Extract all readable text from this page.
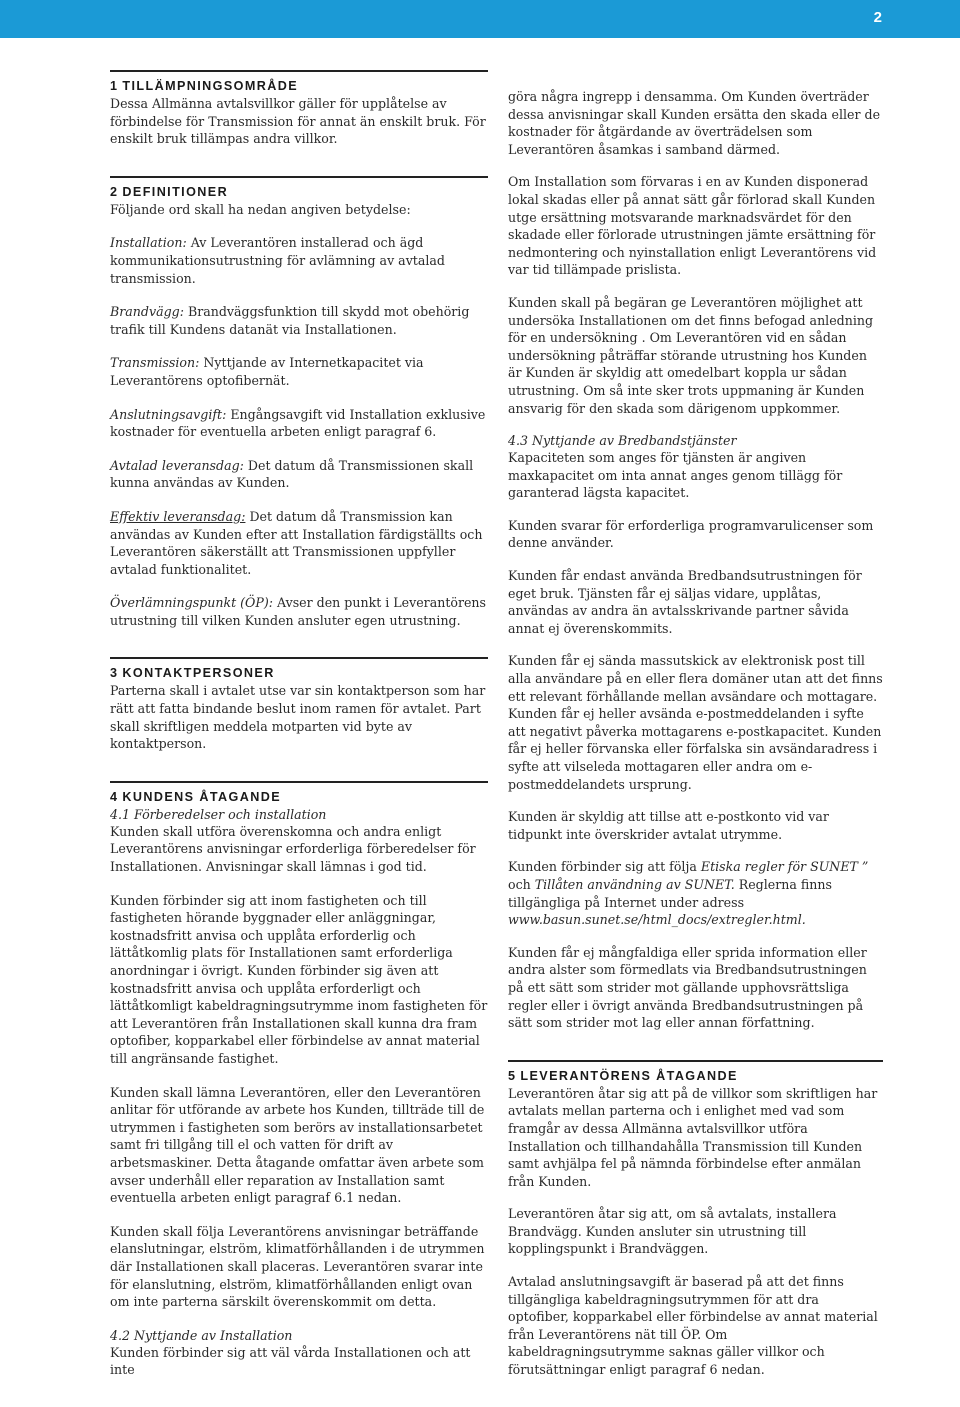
2
1 TILLÄMPNINGSOMRÅDE

Dessa Allmänna avtalsvillkor gäller för upplåtelse av förbindelse för Transmission för annat än enskilt bruk. För enskilt bruk tillämpas andra villkor.

2 DEFINITIONER

Följande ord skall ha nedan angiven betydelse:

Installation: Av Leverantören installerad och ägd kommunikationsutrustning för avlämning av avtalad transmission.

Brandvägg: Brandväggsfunktion till skydd mot obehörig trafik till Kundens datanät via Installationen.

Transmission: Nyttjande av Internetkapacitet via Leverantörens optofibernät.

Anslutningsavgift: Engångsavgift vid Installation exklusive kostnader för eventuella arbeten enligt paragraf 6.

Avtalad leveransdag: Det datum då Transmissionen skall kunna användas av Kunden.

Effektiv leveransdag: Det datum då Transmission kan användas av Kunden efter att Installation färdigställts och Leverantören säkerställt att Transmissionen uppfyller avtalad funktionalitet.

Överlämningspunkt (ÖP): Avser den punkt i Leverantörens utrustning till vilken Kunden ansluter egen utrustning.

3 KONTAKTPERSONER

Parterna skall i avtalet utse var sin kontaktperson som har rätt att fatta bindande beslut inom ramen för avtalet. Part skall skriftligen meddela motparten vid byte av kontaktperson.

4 KUNDENS ÅTAGANDE
4.1 Förberedelser och installation

Kunden skall utföra överenskomna och andra enligt Leverantörens anvisningar erforderliga förberedelser för Installationen. Anvisningar skall lämnas i god tid.

Kunden förbinder sig att inom fastigheten och till fastigheten hörande byggnader eller anläggningar, kostnadsfritt anvisa och upplåta erforderlig och lättåtkomlig plats för Installationen samt erforderliga anordningar i övrigt. Kunden förbinder sig även att kostnadsfritt anvisa och upplåta erforderligt och lättåtkomligt kabeldragningsutrymme inom fastigheten för att Leverantören från Installationen skall kunna dra fram optofiber, kopparkabel eller förbindelse av annat material till angränsande fastighet.

Kunden skall lämna Leverantören, eller den Leverantören anlitar för utförande av arbete hos Kunden, tillträde till de utrymmen i fastigheten som berörs av installationsarbetet samt fri tillgång till el och vatten för drift av arbetsmaskiner. Detta åtagande omfattar även arbete som avser underhåll eller reparation av Installation samt eventuella arbeten enligt paragraf 6.1 nedan.

Kunden skall följa Leverantörens anvisningar beträffande elanslutningar, elström, klimatförhållanden i de utrymmen där Installationen skall placeras. Leverantören svarar inte för elanslutning, elström, klimatförhållanden enligt ovan om inte parterna särskilt överenskommit om detta.

4.2 Nyttjande av Installation

Kunden förbinder sig att väl vårda Installationen och att inte

göra några ingrepp i densamma. Om Kunden överträder dessa anvisningar skall Kunden ersätta den skada eller de kostnader för åtgärdande av överträdelsen som Leverantören åsamkas i samband därmed.

Om Installation som förvaras i en av Kunden disponerad lokal skadas eller på annat sätt går förlorad skall Kunden utge ersättning motsvarande marknadsvärdet för den skadade eller förlorade utrustningen jämte ersättning för nedmontering och nyinstallation enligt Leverantörens vid var tid tillämpade prislista.

Kunden skall på begäran ge Leverantören möjlighet att undersöka Installationen om det finns befogad anledning för en undersökning . Om Leverantören vid en sådan undersökning påträffar störande utrustning hos Kunden är Kunden är skyldig att omedelbart koppla ur sådan utrustning. Om så inte sker trots uppmaning är Kunden ansvarig för den skada som därigenom uppkommer.

4.3 Nyttjande av Bredbandstjänster

Kapaciteten som anges för tjänsten är angiven maxkapacitet om inta annat anges genom tillägg för garanterad lägsta kapacitet.

Kunden svarar för erforderliga programvarulicenser som denne använder.

Kunden får endast använda Bredbandsutrustningen för eget bruk. Tjänsten får ej säljas vidare, upplåtas, användas av andra än avtalsskrivande partner såvida annat ej överenskommits.

Kunden får ej sända massutskick av elektronisk post till alla användare på en eller flera domäner utan att det finns ett relevant förhållande mellan avsändare och mottagare. Kunden får ej heller avsända e-postmeddelanden i syfte att negativt påverka mottagarens e-postkapacitet. Kunden får ej heller förvanska eller förfalska sin avsändaradress i syfte att vilseleda mottagaren eller andra om e-postmeddelandets ursprung.

Kunden är skyldig att tillse att e-postkonto vid var tidpunkt inte överskrider avtalat utrymme.

Kunden förbinder sig att följa Etiska regler för SUNET ” och Tillåten användning av SUNET. Reglerna finns tillgängliga på Internet under adress www.basun.sunet.se/html_docs/extregler.html.

Kunden får ej mångfaldiga eller sprida information eller andra alster som förmedlats via Bredbandsutrustningen på ett sätt som strider mot gällande upphovsrättsliga regler eller i övrigt använda Bredbandsutrustningen på sätt som strider mot lag eller annan författning.

5 LEVERANTÖRENS ÅTAGANDE

Leverantören åtar sig att på de villkor som skriftligen har avtalats mellan parterna och i enlighet med vad som framgår av dessa Allmänna avtalsvillkor utföra Installation och tillhandahålla Transmission till Kunden samt avhjälpa fel på nämnda förbindelse efter anmälan från Kunden.

Leverantören åtar sig att, om så avtalats, installera Brandvägg. Kunden ansluter sin utrustning till kopplingspunkt i Brandväggen.

Avtalad anslutningsavgift är baserad på att det finns tillgängliga kabeldragningsutrymmen för att dra optofiber, kopparkabel eller förbindelse av annat material från Leverantörens nät till ÖP. Om kabeldragningsutrymme saknas gäller villkor och förutsättningar enligt paragraf 6 nedan.
